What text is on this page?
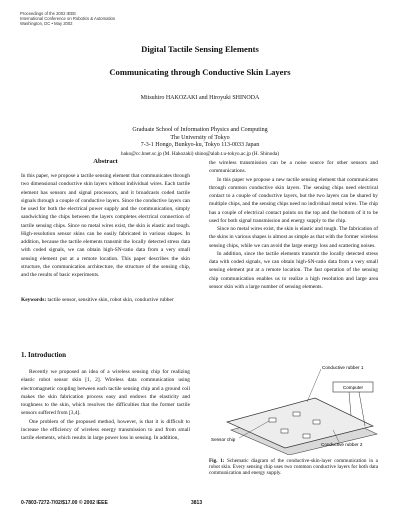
Proceedings of the 2002 IEEE
International Conference on Robotics & Automation
Washington, DC • May 2002
Digital Tactile Sensing Elements
Communicating through Conductive Skin Layers
Mitsuhiro HAKOZAKI and Hiroyuki SHINODA
Graduate School of Information Physics and Computing
The University of Tokyo
7-3-1 Hongo, Bunkyo-ku, Tokyo 113-0033 Japan
hako@cc.hnet.sc.jp (M. Hakozaki) shino@alab.t.u-tokyo.ac.jp (H. Shinoda)
Abstract

In this paper, we propose a tactile sensing element that communicates through two dimensional conductive skin layers without individual wires. Each tactile element has sensors and signal processors, and it broadcasts coded tactile signals through a couple of conductive layers. Since the conductive layers can be used for both the electrical power supply and the communication, simply sandwiching the chips between the layers completes electrical connection of tactile sensing chips. Since no metal wires exist, the skin is elastic and tough. High-resolution sensor skins can be easily fabricated in various shapes. In addition, because the tactile elements transmit the locally detected stress data with coded signals, we can obtain high-SN-ratio data from a very small sensing element put at a remote location. This paper describes the skin structure, the communication architecture, the structure of the sensing chip, and the results of basic experiments.

Keywords: tactile sensor, sensitive skin, robot skin, conductive rubber

1. Introduction

Recently we proposed an idea of a wireless sensing chip for realizing elastic robot sensor skin [1, 2]. Wireless data communication using electromagnetic coupling between each tactile sensing chip and a ground coil makes the skin fabrication process easy and endows the elasticity and toughness to the skin, which resolves the difficulties that the former tactile sensors suffered from [3,4].

One problem of the proposed method, however, is that it is difficult to increase the efficiency of wireless energy transmission to and from small tactile elements, which results in large power loss in sensing. In addition,

the wireless transmission can be a noise source for other sensors and communications.

In this paper we propose a new tactile sensing element that communicates through common conductive skin layers. The sensing chips need electrical contact to a couple of conductive layers, but the two layers can be shared by multiple chips, and the sensing chips need no individual metal wires. The chip has a couple of electrical contact points on the top and the bottom of it to be used for both signal transmission and energy supply to the chip.

Since no metal wires exist, the skin is elastic and tough. The fabrication of the skins in various shapes is almost as simple as that with the former wireless sensing chips, while we can avoid the large energy loss and scattering noises.

In addition, since the tactile elements transmit the locally detected stress data with coded signals, we can obtain high-SN-ratio data from a very small sensing element put at a remote location. The fast operation of the sensing chip communication enables us to realize a high resolution and large area sensor skin with a large number of sensing elements.

Computer
Conductive rubber 1
Sensor chip
Conductive rubber 2
Fig. 1: Schematic diagram of the conductive-skin-layer communication in a robot skin. Every sensing chip uses two common conductive layers for both data communication and energy supply.
0-7803-7272-7/02/$17.00 © 2002 IEEE	3813
